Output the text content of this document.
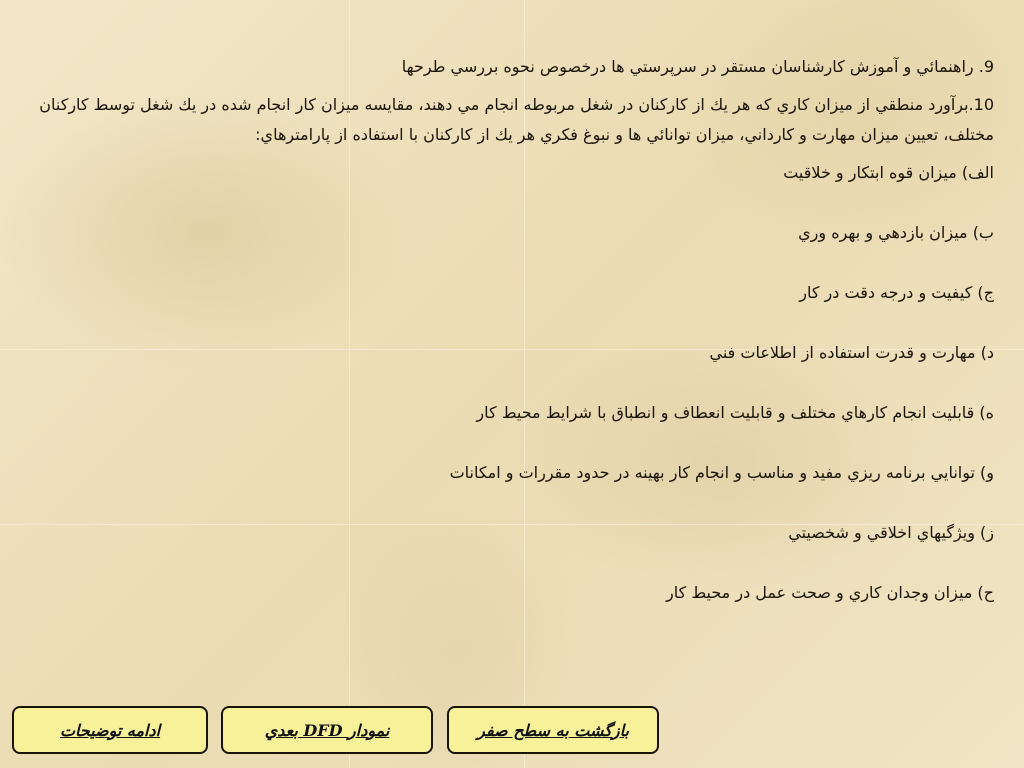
9. راهنمائي و آموزش كارشناسان مستقر در سرپرستي ها درخصوص نحوه بررسي طرحها

10.برآورد منطقي از ميزان كاري كه هر يك از كاركنان در شغل مربوطه انجام مي دهند، مقايسه ميزان كار انجام شده در يك شغل توسط كاركنان مختلف، تعيين ميزان مهارت و كارداني، ميزان توانائي ها و نبوغ فكري هر يك از كاركنان با استفاده از پارامترهاي:

الف) ميزان قوه ابتكار و خلاقيت

ب) ميزان بازدهي و بهره وري

ج) كيفيت و درجه دقت در كار

د) مهارت و قدرت استفاده از اطلاعات فني

ه) قابليت انجام كارهاي مختلف و قابليت انعطاف و انطباق با شرايط محيط كار

و) توانايي برنامه ريزي مفيد و مناسب و انجام كار بهينه در حدود مقررات و امكانات

ز) ويژگيهاي اخلاقي و شخصيتي

ح) ميزان وجدان كاري و صحت عمل در محيط كار

بازگشت به سطح صفر
نمودار DFD بعدي
ادامه توضيحات
